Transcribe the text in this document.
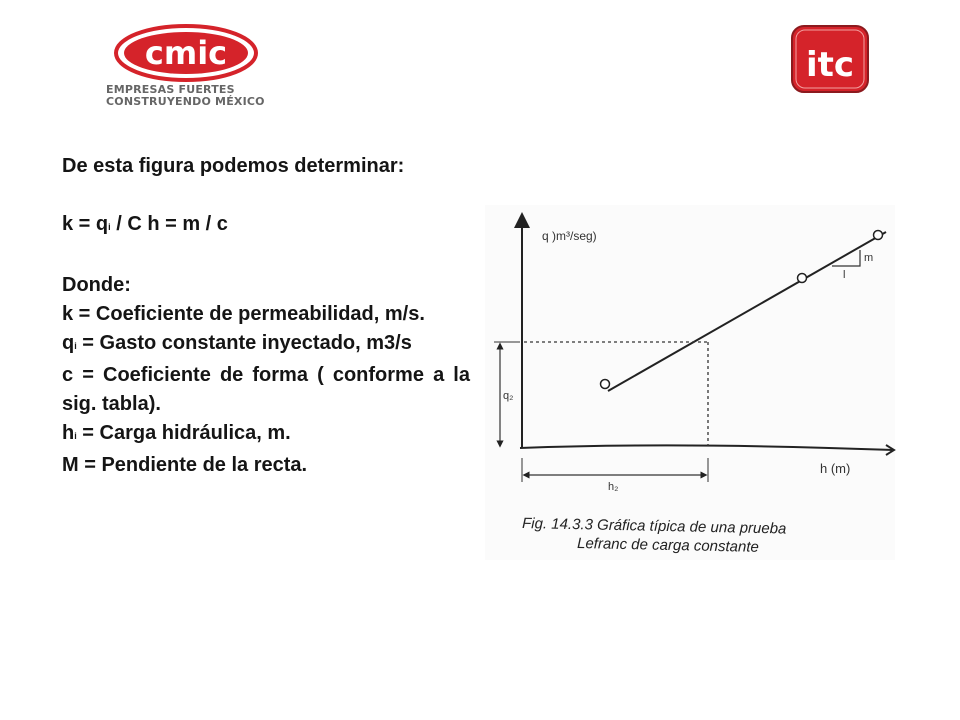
cmic
EMPRESAS FUERTES
CONSTRUYENDO MÉXICO
itc

De esta figura podemos determinar:

k = qi / C h = m / c

Donde:

k = Coeficiente de permeabilidad, m/s.

qi = Gasto constante inyectado, m3/s

c = Coeficiente de forma ( conforme a la sig. tabla).

hi = Carga hidráulica, m.

M = Pendiente de la recta.

q )m³/seg)
h (m)
m
l
q₂
h₂
Fig. 14.3.3 Gráfica típica de una prueba
Lefranc de carga constante
